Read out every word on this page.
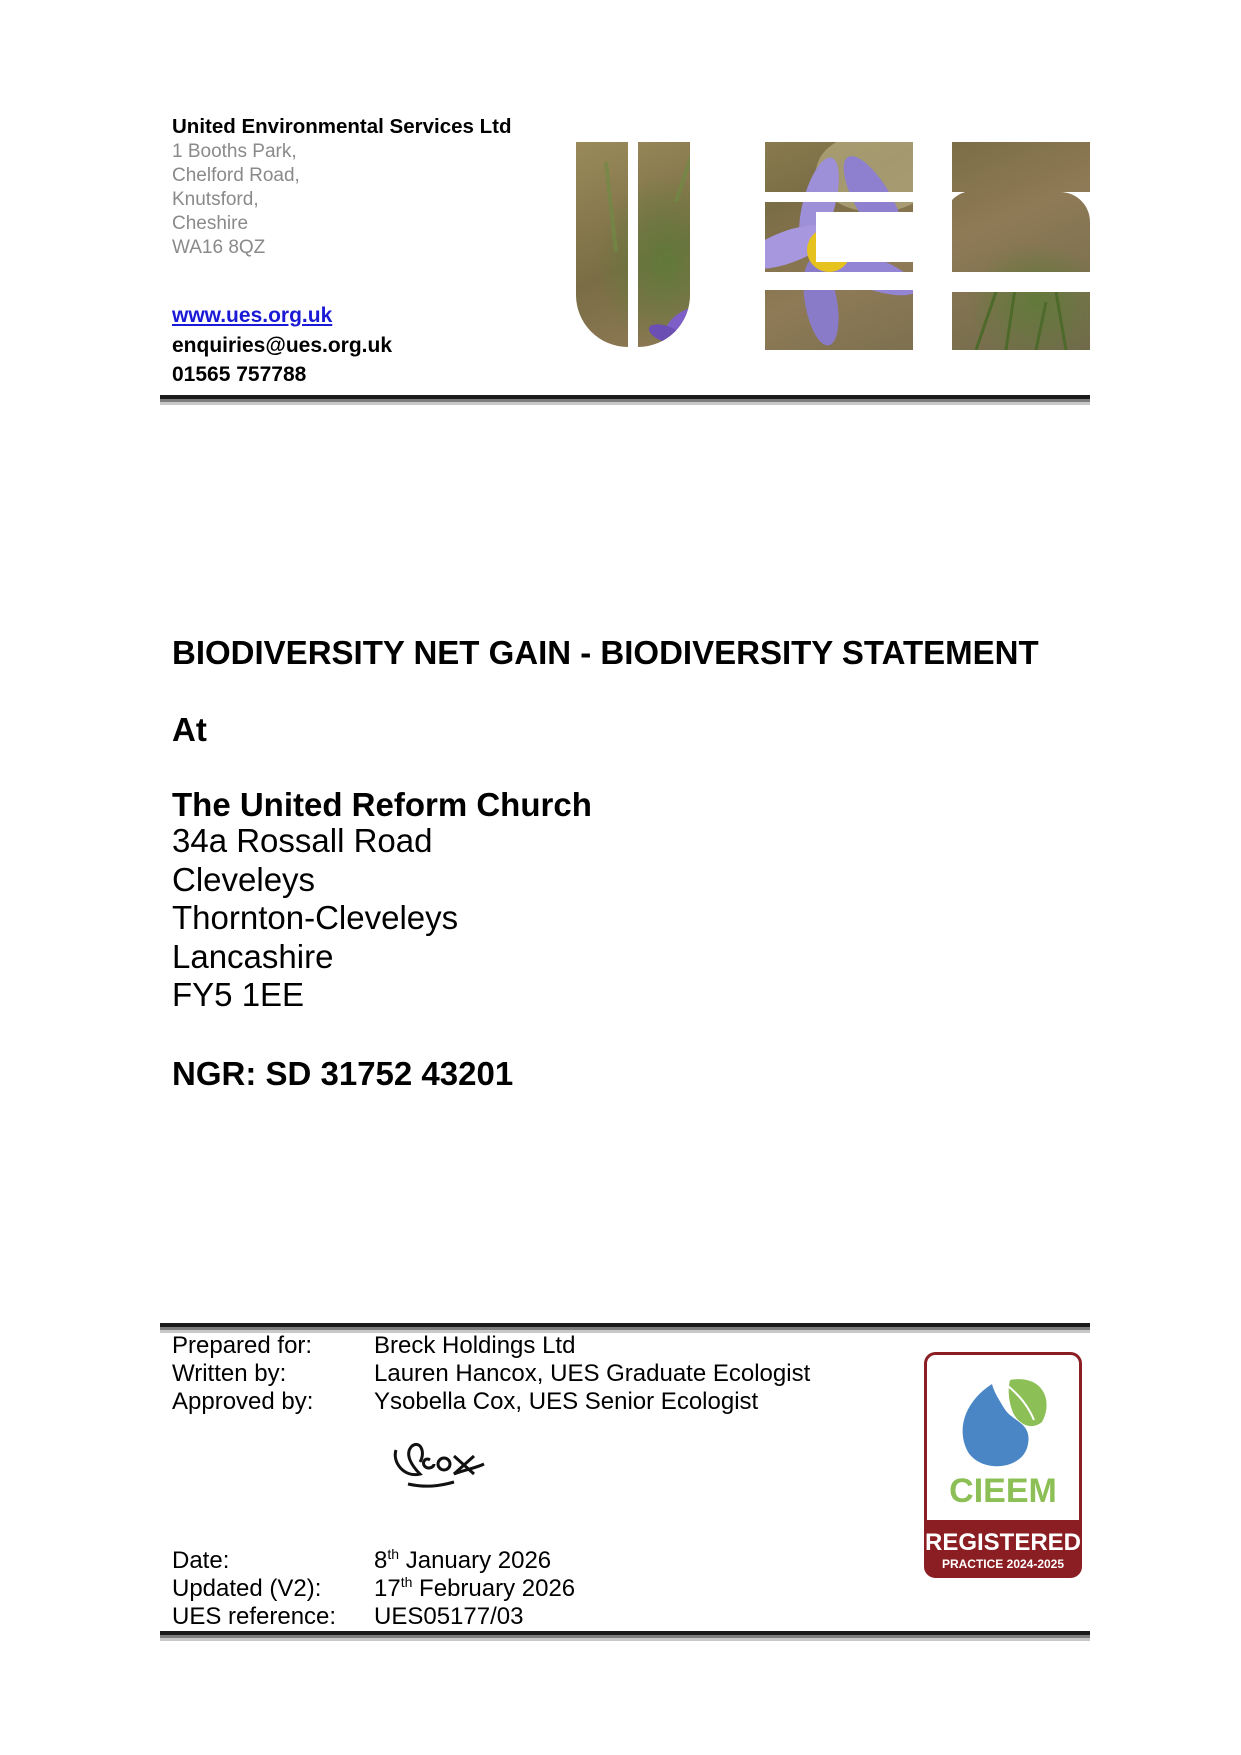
United Environmental Services Ltd
1 Booths Park,
Chelford Road,
Knutsford,
Cheshire
WA16 8QZ
www.ues.org.uk
enquiries@ues.org.uk
01565 757788
BIODIVERSITY NET GAIN - BIODIVERSITY STATEMENT
At
The United Reform Church
34a Rossall Road
Cleveleys
Thornton-Cleveleys
Lancashire
FY5 1EE
NGR: SD 31752 43201
Prepared for:	Breck Holdings Ltd
Written by:	Lauren Hancox, UES Graduate Ecologist
Approved by:	Ysobella Cox, UES Senior Ecologist
Date:	8th January 2026
Updated (V2):	17th February 2026
UES reference:	UES05177/03
CIEEM
REGISTERED
PRACTICE 2024-2025
